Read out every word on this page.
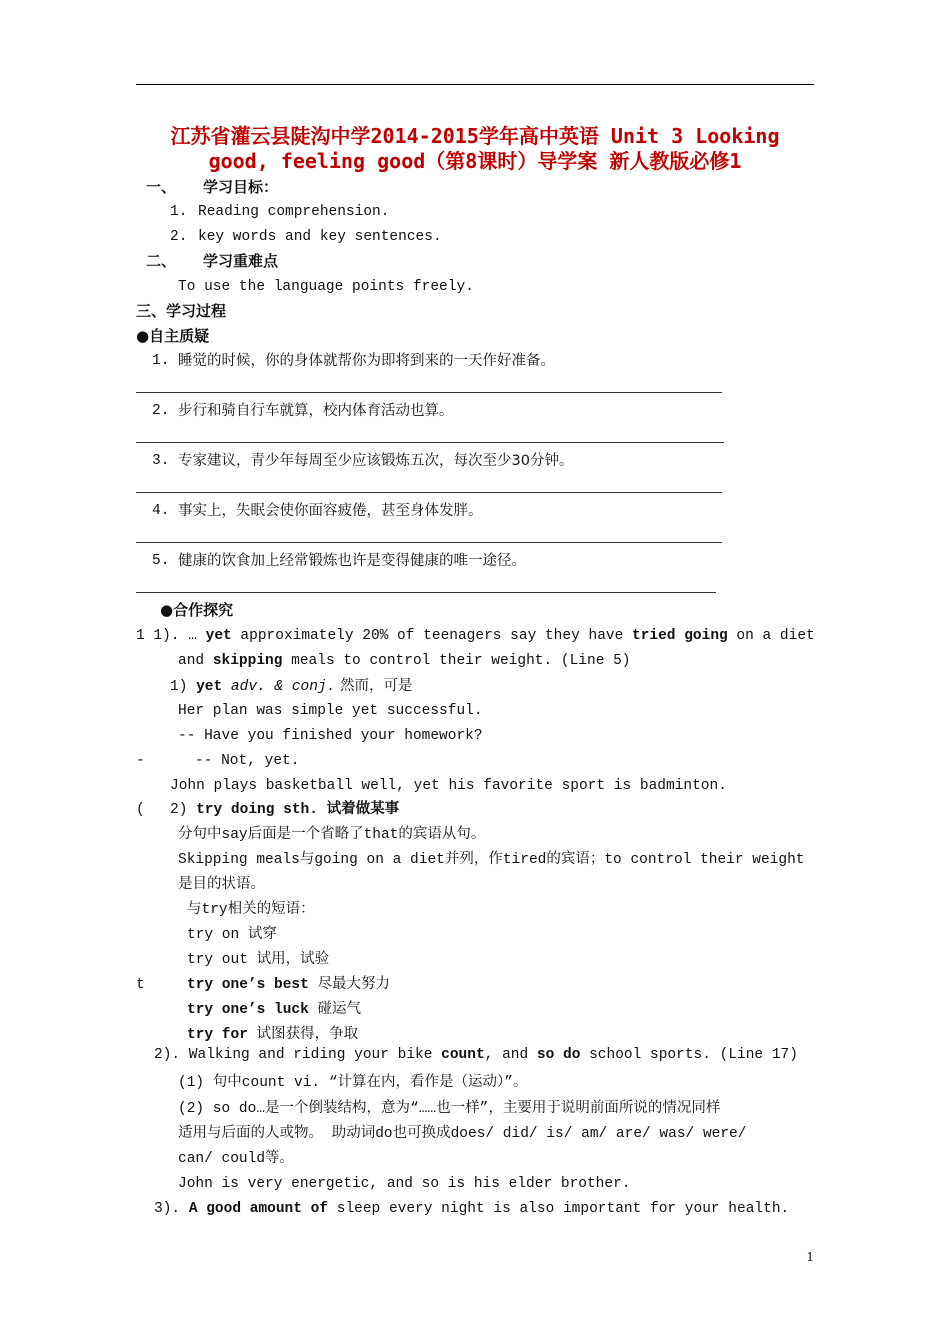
江苏省灌云县陡沟中学2014-2015学年高中英语 Unit 3 Looking
good, feeling good（第8课时）导学案 新人教版必修1
一、 学习目标：
1. Reading comprehension.
2. key words and key sentences.
二、 学习重难点
To use the language points freely.
三、学习过程
●自主质疑
1. 睡觉的时候，你的身体就帮你为即将到来的一天作好准备。
2. 步行和骑自行车就算，校内体育活动也算。
3. 专家建议，青少年每周至少应该锻炼五次，每次至少30分钟。
4. 事实上，失眠会使你面容疲倦，甚至身体发胖。
5. 健康的饮食加上经常锻炼也许是变得健康的唯一途径。
●合作探究
1 1). … yet approximately 20% of teenagers say they have tried going on a diet
and skipping meals to control their weight. (Line 5)
1) yet adv. & conj. 然而，可是
Her plan was simple yet successful.
-- Have you finished your homework?
-	-- Not, yet.
John plays basketball well, yet his favorite sport is badminton.
( 2) try doing sth. 试着做某事
分句中say后面是一个省略了that的宾语从句。
Skipping meals与going on a diet并列，作tired的宾语；to control their weight
是目的状语。
与try相关的短语：
try on 试穿
try out 试用，试验
t	try one’s best 尽最大努力
try one’s luck 碰运气
try for 试图获得，争取
2). Walking and riding your bike count, and so do school sports. (Line 17)
(1) 句中count vi. “计算在内，看作是（运动）”。
(2) so do…是一个倒装结构，意为“……也一样”，主要用于说明前面所说的情况同样
适用与后面的人或物。 助动词do也可换成does/ did/ is/ am/ are/ was/ were/
can/ could等。
John is very energetic, and so is his elder brother.
3). A good amount of sleep every night is also important for your health.
1
